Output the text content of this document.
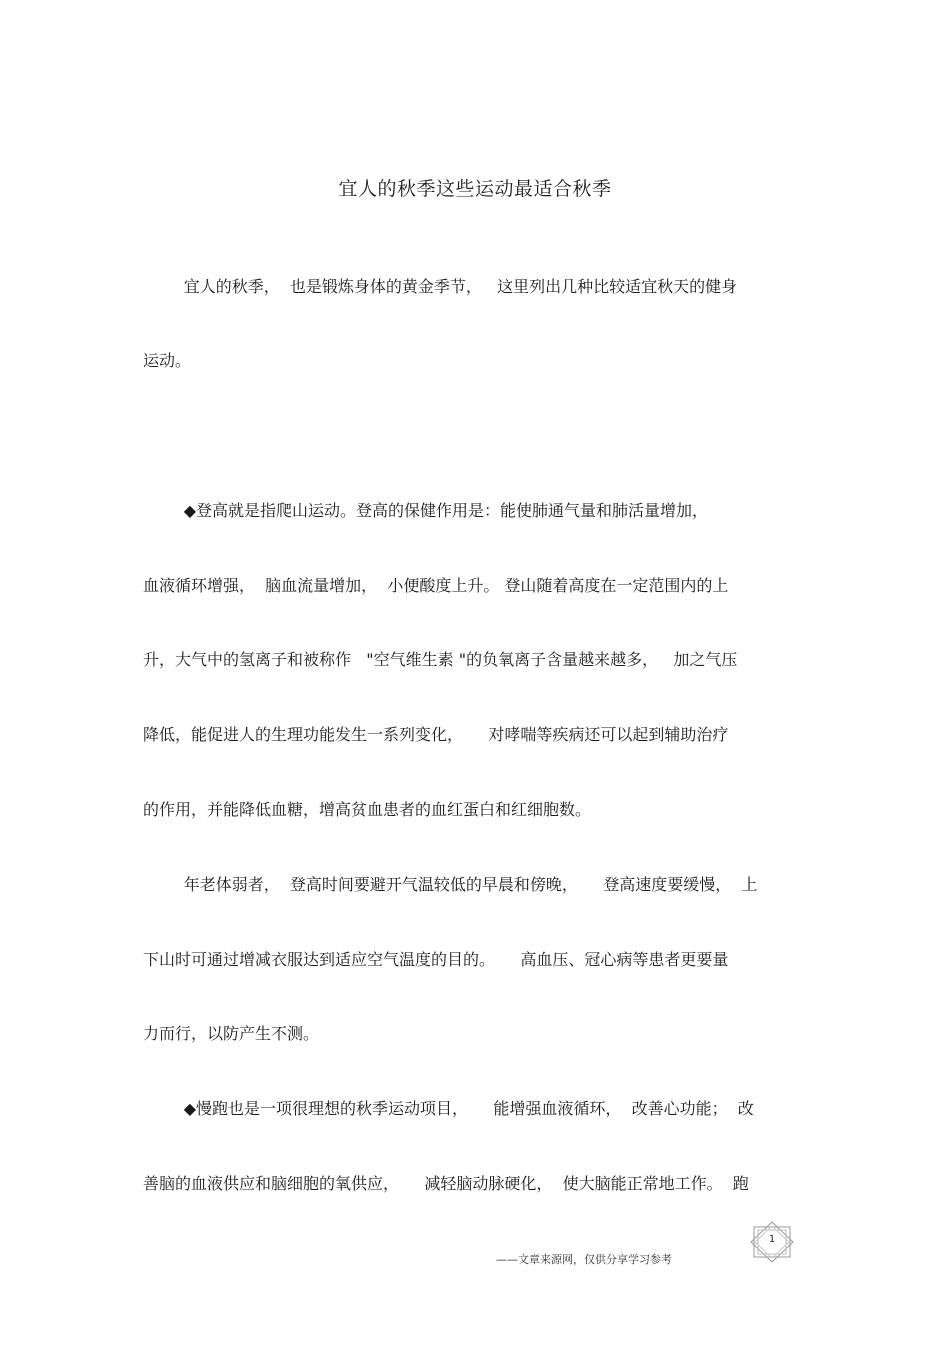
宜人的秋季这些运动最适合秋季
宜人的秋季，  也是锻炼身体的黄金季节，   这里列出几种比较适宜秋天的健身
运动。
◆登高就是指爬山运动。登高的保健作用是：能使肺通气量和肺活量增加，
血液循环增强，  脑血流量增加，  小便酸度上升。 登山随着高度在一定范围内的上
升，大气中的氢离子和被称作   "空气维生素 "的负氧离子含量越来越多，   加之气压
降低，能促进人的生理功能发生一系列变化，     对哮喘等疾病还可以起到辅助治疗
的作用，并能降低血糖，增高贫血患者的血红蛋白和红细胞数。
年老体弱者，  登高时间要避开气温较低的早晨和傍晚，     登高速度要缓慢，  上
下山时可通过增减衣服达到适应空气温度的目的。     高血压、冠心病等患者更要量
力而行，以防产生不测。
◆慢跑也是一项很理想的秋季运动项目，     能增强血液循环，  改善心功能；  改
善脑的血液供应和脑细胞的氧供应，     减轻脑动脉硬化，  使大脑能正常地工作。  跑
——文章来源网，仅供分享学习参考
1
